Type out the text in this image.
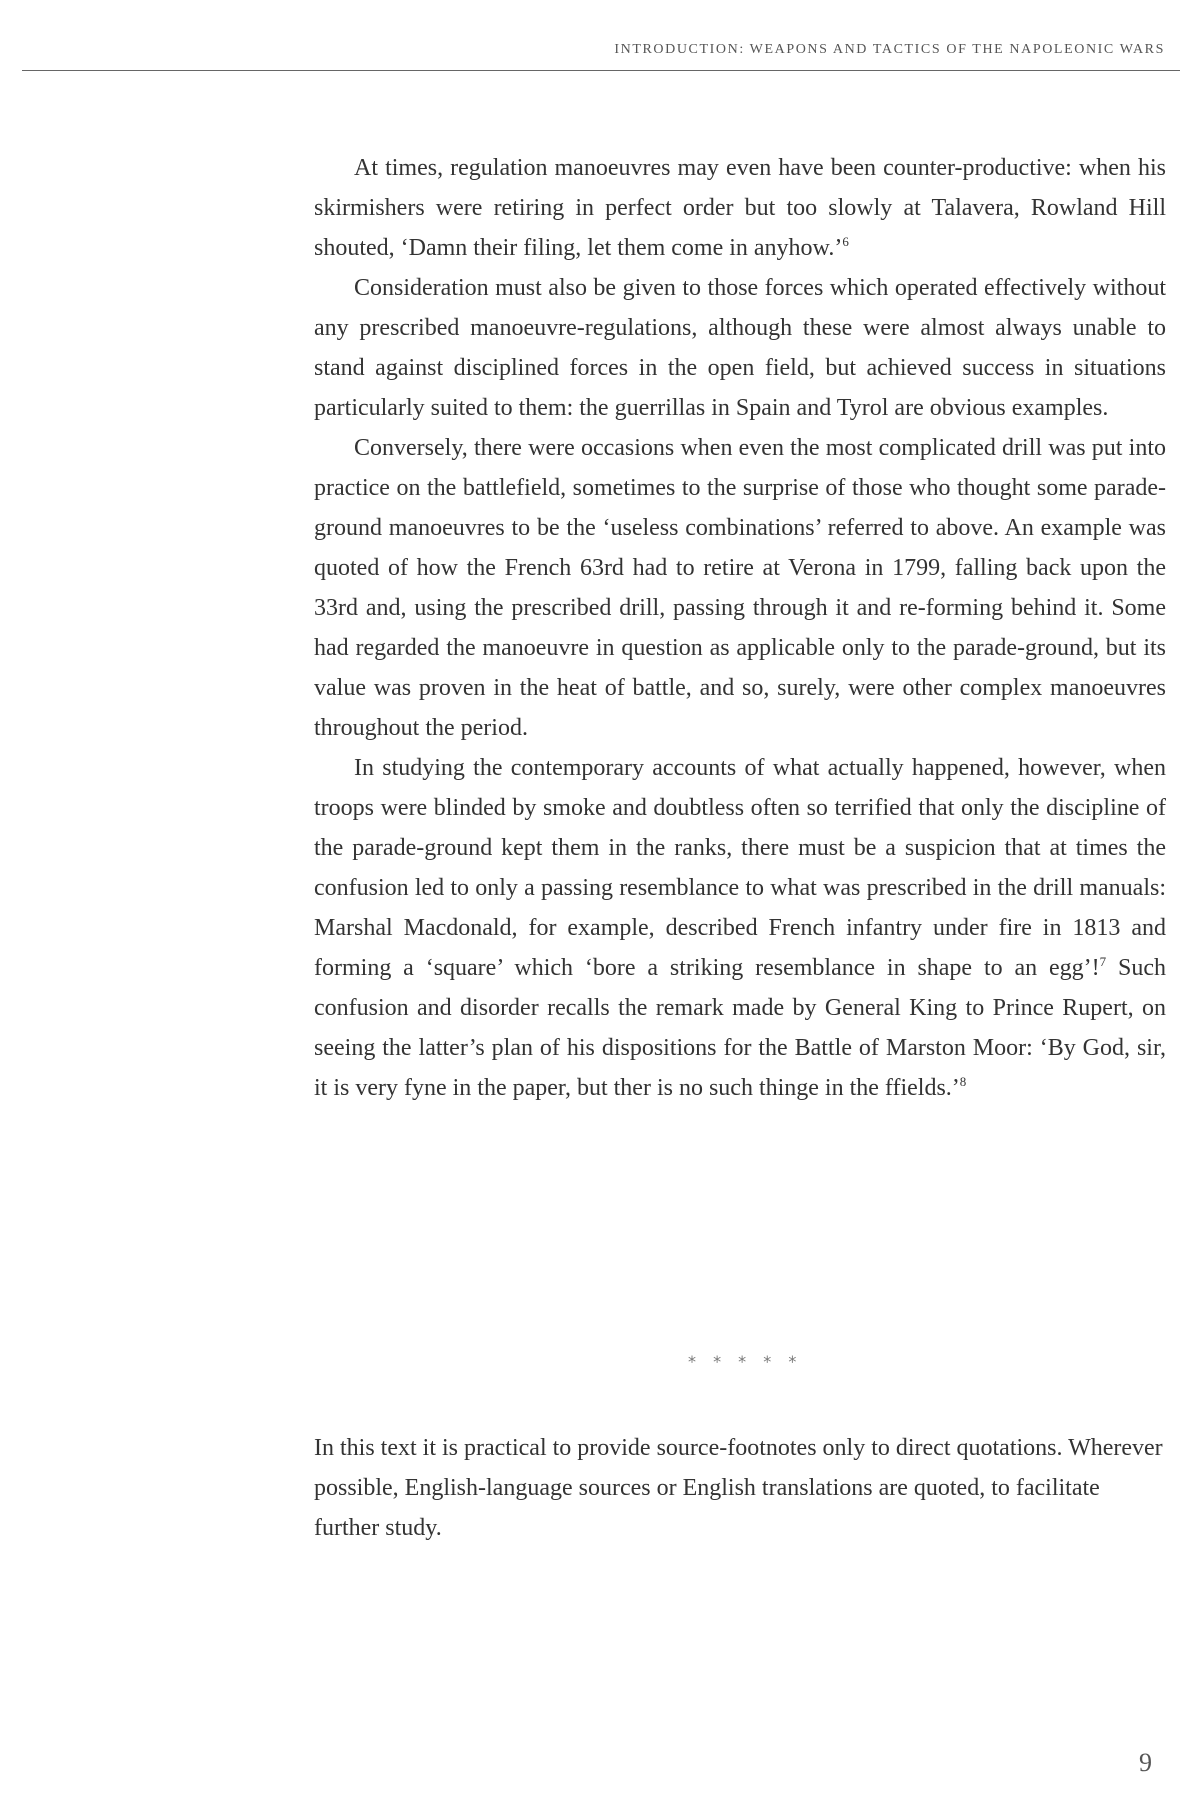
INTRODUCTION: WEAPONS AND TACTICS OF THE NAPOLEONIC WARS

At times, regulation manoeuvres may even have been counter-productive: when his skirmishers were retiring in perfect order but too slowly at Talavera, Rowland Hill shouted, ‘Damn their filing, let them come in anyhow.’$^6$

Consideration must also be given to those forces which operated effectively without any prescribed manoeuvre-regulations, although these were almost always unable to stand against disciplined forces in the open field, but achieved success in situations particularly suited to them: the guerrillas in Spain and Tyrol are obvious examples.

Conversely, there were occasions when even the most complicated drill was put into practice on the battlefield, sometimes to the surprise of those who thought some parade-ground manoeuvres to be the ‘useless combinations’ referred to above. An example was quoted of how the French 63rd had to retire at Verona in 1799, falling back upon the 33rd and, using the prescribed drill, passing through it and re-forming behind it. Some had regarded the manoeuvre in question as applicable only to the parade-ground, but its value was proven in the heat of battle, and so, surely, were other complex manoeuvres throughout the period.

In studying the contemporary accounts of what actually happened, however, when troops were blinded by smoke and doubtless often so terrified that only the discipline of the parade-ground kept them in the ranks, there must be a suspicion that at times the confusion led to only a passing resemblance to what was prescribed in the drill manuals: Marshal Macdonald, for example, described French infantry under fire in 1813 and forming a ‘square’ which ‘bore a striking resemblance in shape to an egg’!$^7$ Such confusion and disorder recalls the remark made by General King to Prince Rupert, on seeing the latter’s plan of his dispositions for the Battle of Marston Moor: ‘By God, sir, it is very fyne in the paper, but ther is no such thinge in the ffields.’$^8$

* * * * *

In this text it is practical to provide source-footnotes only to direct quotations. Wherever possible, English-language sources or English translations are quoted, to facilitate further study.

9
